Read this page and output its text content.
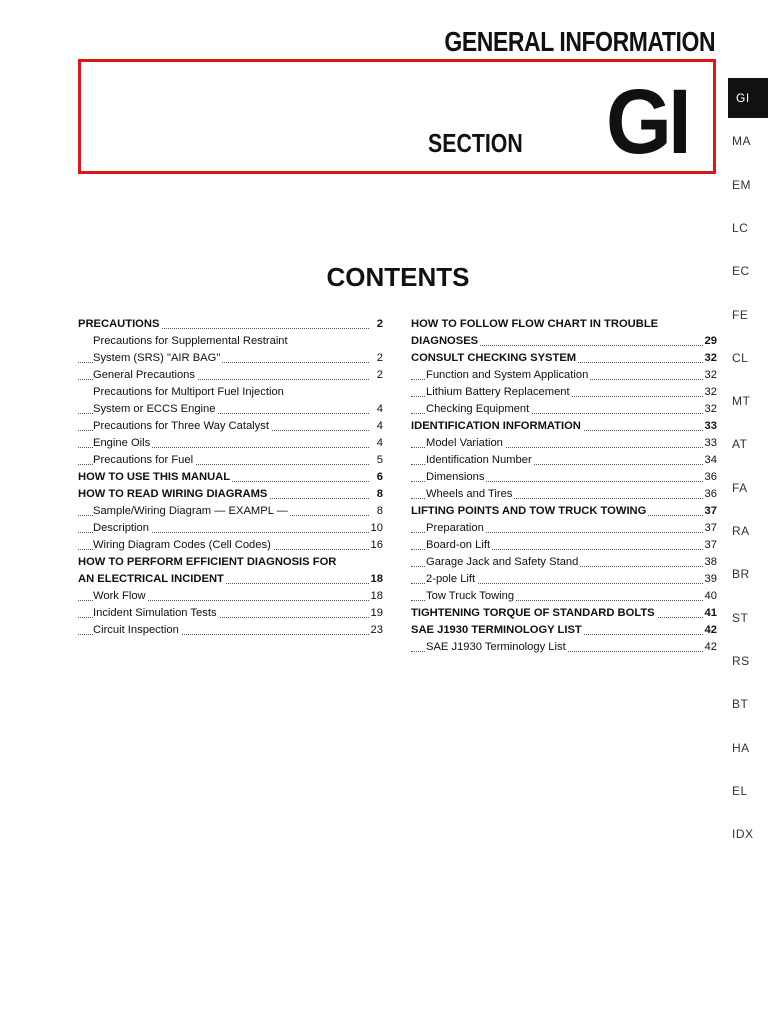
GENERAL INFORMATION
SECTION GI	GI
MA
EM
LC
EC
FE
CL
MT
AT
FA
RA
BR
ST
RS
BT
HA
EL
IDX
CONTENTS
PRECAUTIONS	2
Precautions for Supplemental Restraint
System (SRS) "AIR BAG"	2
General Precautions	2
Precautions for Multiport Fuel Injection
System or ECCS Engine	4
Precautions for Three Way Catalyst	4
Engine Oils	4
Precautions for Fuel	5
HOW TO USE THIS MANUAL	6
HOW TO READ WIRING DIAGRAMS	8
Sample/Wiring Diagram — EXAMPL —	8
Description	10
Wiring Diagram Codes (Cell Codes)	16
HOW TO PERFORM EFFICIENT DIAGNOSIS FOR
AN ELECTRICAL INCIDENT	18
Work Flow	18
Incident Simulation Tests	19
Circuit Inspection	23
HOW TO FOLLOW FLOW CHART IN TROUBLE
DIAGNOSES	29
CONSULT CHECKING SYSTEM	32
Function and System Application	32
Lithium Battery Replacement	32
Checking Equipment	32
IDENTIFICATION INFORMATION	33
Model Variation	33
Identification Number	34
Dimensions	36
Wheels and Tires	36
LIFTING POINTS AND TOW TRUCK TOWING	37
Preparation	37
Board-on Lift	37
Garage Jack and Safety Stand	38
2-pole Lift	39
Tow Truck Towing	40
TIGHTENING TORQUE OF STANDARD BOLTS	41
SAE J1930 TERMINOLOGY LIST	42
SAE J1930 Terminology List	42
